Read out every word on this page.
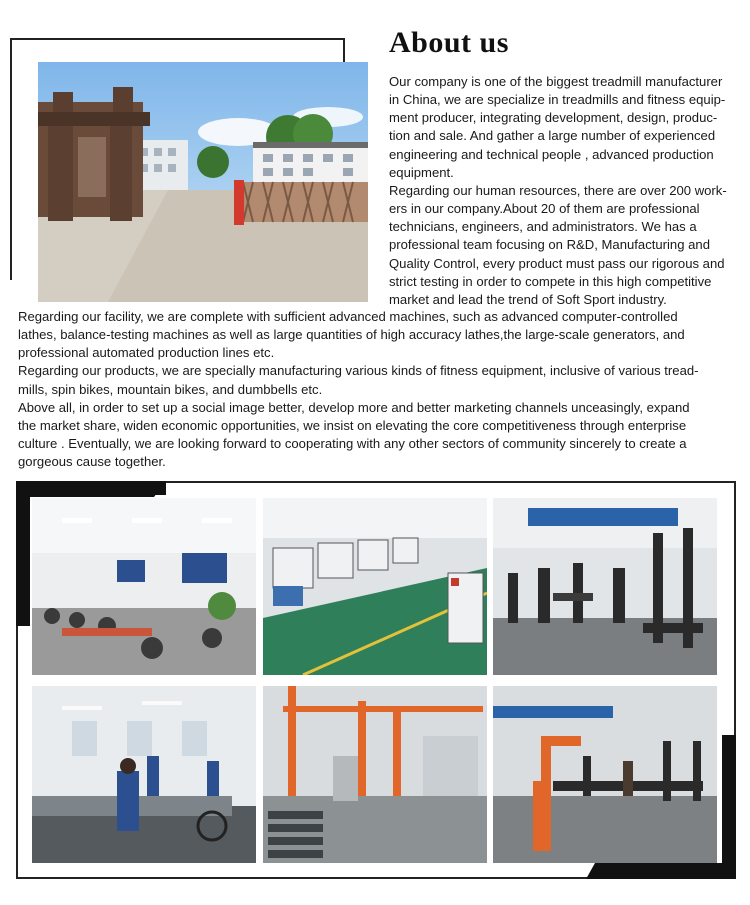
About us

Our company is one of the biggest treadmill manufacturer
in China, we are specialize in treadmills and fitness equip-
ment producer, integrating development, design, produc-
tion and sale. And gather a large number of experienced
engineering and technical people , advanced production
equipment.
Regarding our human resources, there are over 200 work-
ers in our company.About 20 of them are professional
technicians, engineers, and administrators. We has a
professional team focusing on R&D, Manufacturing and
Quality Control, every product must pass our rigorous and
strict testing in order to compete in this high competitive
market and lead the trend of Soft Sport industry.

Regarding our facility, we are complete with sufficient advanced machines, such as advanced computer-controlled
lathes, balance-testing machines as well as large quantities of high accuracy lathes,the large-scale generators, and
professional automated production lines etc.
Regarding our products, we are specially manufacturing various kinds of fitness equipment, inclusive of various tread-
mills, spin bikes, mountain bikes, and dumbbells etc.
Above all, in order to set up a social image better, develop more and better marketing channels unceasingly, expand
the market share, widen economic opportunities, we insist on elevating the core competitiveness through enterprise
culture . Eventually, we are looking forward to cooperating with any other sectors of community sincerely to create a
gorgeous cause together.
